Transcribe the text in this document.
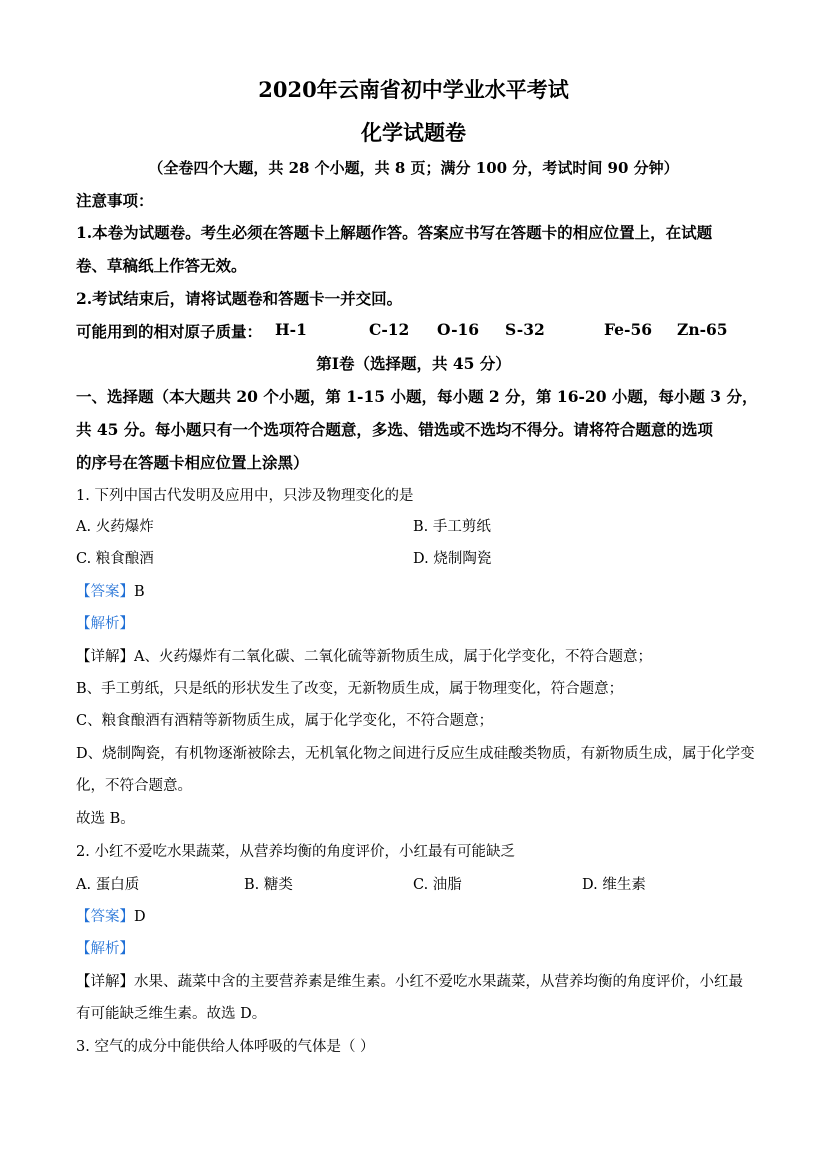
2020年云南省初中学业水平考试
化学试题卷
（全卷四个大题，共 28 个小题，共 8 页；满分 100 分，考试时间 90 分钟）
注意事项：
1.本卷为试题卷。考生必须在答题卡上解题作答。答案应书写在答题卡的相应位置上，在试题
卷、草稿纸上作答无效。
2.考试结束后，请将试题卷和答题卡一并交回。
可能用到的相对原子质量： H-1	C-12 O-16 S-32	Fe-56 Zn-65
第Ⅰ卷（选择题，共 45 分）
一、选择题（本大题共 20 个小题，第 1-15 小题，每小题 2 分，第 16-20 小题，每小题 3 分，
共 45 分。每小题只有一个选项符合题意，多选、错选或不选均不得分。请将符合题意的选项
的序号在答题卡相应位置上涂黑）
1. 下列中国古代发明及应用中，只涉及物理变化的是
A. 火药爆炸	B. 手工剪纸
C. 粮食酿酒	D. 烧制陶瓷
【答案】B
【解析】
【详解】A、火药爆炸有二氧化碳、二氧化硫等新物质生成，属于化学变化，不符合题意；
B、手工剪纸，只是纸的形状发生了改变，无新物质生成，属于物理变化，符合题意；
C、粮食酿酒有酒精等新物质生成，属于化学变化，不符合题意；
D、烧制陶瓷，有机物逐渐被除去，无机氧化物之间进行反应生成硅酸类物质，有新物质生成，属于化学变
化，不符合题意。
故选 B。
2. 小红不爱吃水果蔬菜，从营养均衡的角度评价，小红最有可能缺乏
A. 蛋白质	B. 糖类	C. 油脂	D. 维生素
【答案】D
【解析】
【详解】水果、蔬菜中含的主要营养素是维生素。小红不爱吃水果蔬菜，从营养均衡的角度评价，小红最
有可能缺乏维生素。故选 D。
3. 空气的成分中能供给人体呼吸的气体是（ ）
